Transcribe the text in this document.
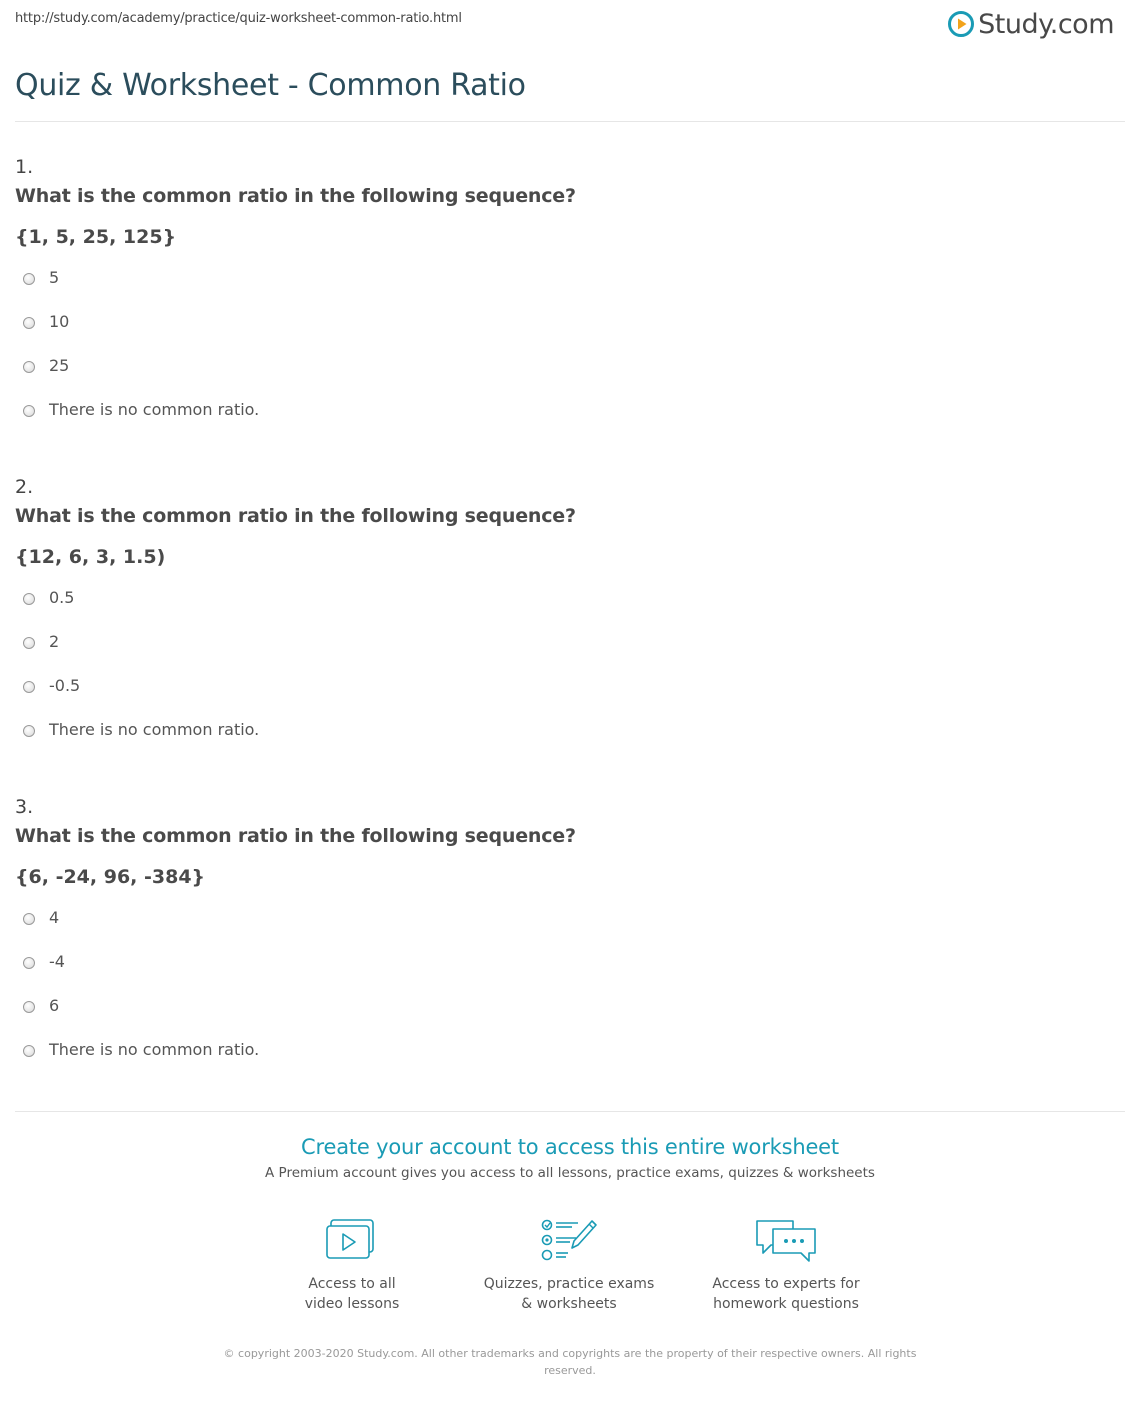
http://study.com/academy/practice/quiz-worksheet-common-ratio.html	Study.com
Quiz & Worksheet - Common Ratio
1.
What is the common ratio in the following sequence?
{1, 5, 25, 125}
5
10
25
There is no common ratio.
2.
What is the common ratio in the following sequence?
{12, 6, 3, 1.5)
0.5
2
-0.5
There is no common ratio.
3.
What is the common ratio in the following sequence?
{6, -24, 96, -384}
4
-4
6
There is no common ratio.
Create your account to access this entire worksheet
A Premium account gives you access to all lessons, practice exams, quizzes & worksheets
Access to all
video lessons
Quizzes, practice exams
& worksheets
Access to experts for
homework questions
© copyright 2003-2020 Study.com. All other trademarks and copyrights are the property of their respective owners. All rights reserved.
